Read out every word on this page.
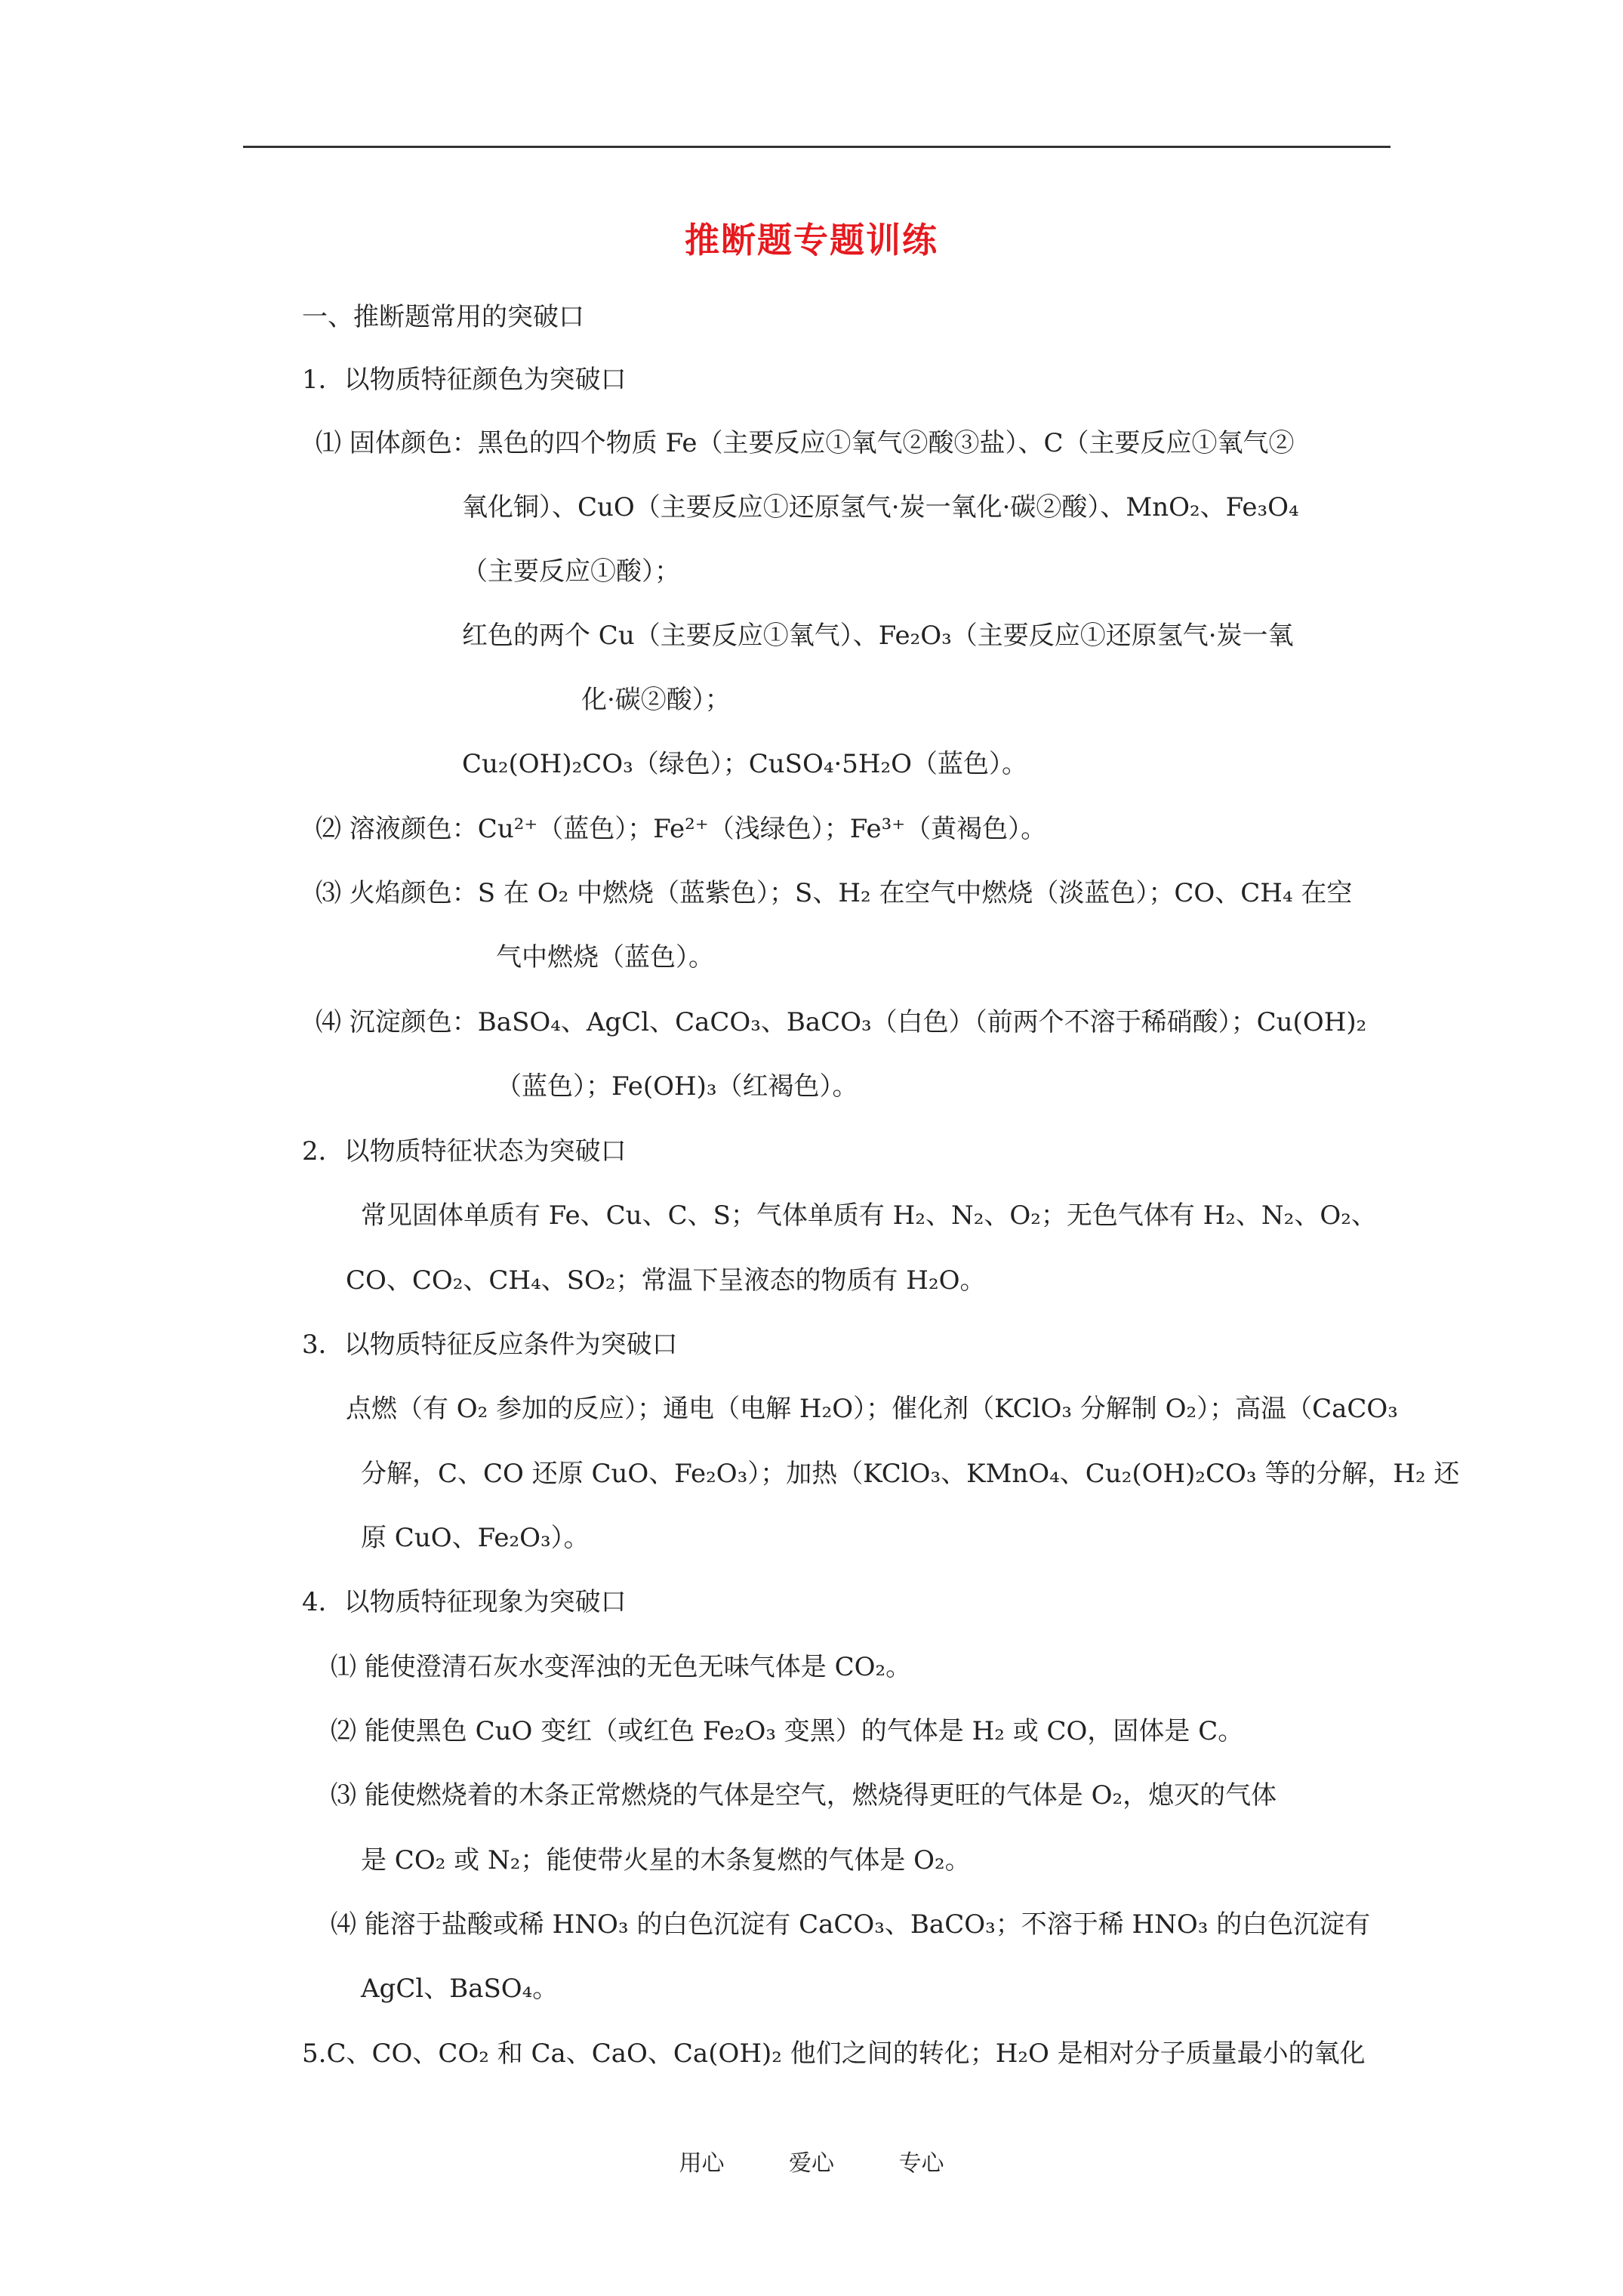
推断题专题训练
一、推断题常用的突破口
1．以物质特征颜色为突破口
⑴ 固体颜色：黑色的四个物质 Fe（主要反应①氧气②酸③盐）、C（主要反应①氧气②
氧化铜）、CuO（主要反应①还原氢气·炭一氧化·碳②酸）、MnO₂、Fe₃O₄
（主要反应①酸）；
红色的两个 Cu（主要反应①氧气）、Fe₂O₃（主要反应①还原氢气·炭一氧
化·碳②酸）；
Cu₂(OH)₂CO₃（绿色）；CuSO₄·5H₂O（蓝色）。
⑵ 溶液颜色：Cu²⁺（蓝色）；Fe²⁺（浅绿色）；Fe³⁺（黄褐色）。
⑶ 火焰颜色：S 在 O₂ 中燃烧（蓝紫色）；S、H₂ 在空气中燃烧（淡蓝色）；CO、CH₄ 在空
气中燃烧（蓝色）。
⑷ 沉淀颜色：BaSO₄、AgCl、CaCO₃、BaCO₃（白色）（前两个不溶于稀硝酸）；Cu(OH)₂
（蓝色）；Fe(OH)₃（红褐色）。
2．以物质特征状态为突破口
常见固体单质有 Fe、Cu、C、S；气体单质有 H₂、N₂、O₂；无色气体有 H₂、N₂、O₂、
CO、CO₂、CH₄、SO₂；常温下呈液态的物质有 H₂O。
3．以物质特征反应条件为突破口
点燃（有 O₂ 参加的反应）；通电（电解 H₂O）；催化剂（KClO₃ 分解制 O₂）；高温（CaCO₃
分解，C、CO 还原 CuO、Fe₂O₃）；加热（KClO₃、KMnO₄、Cu₂(OH)₂CO₃ 等的分解，H₂ 还
原 CuO、Fe₂O₃）。
4．以物质特征现象为突破口
⑴ 能使澄清石灰水变浑浊的无色无味气体是 CO₂。
⑵ 能使黑色 CuO 变红（或红色 Fe₂O₃ 变黑）的气体是 H₂ 或 CO，固体是 C。
⑶ 能使燃烧着的木条正常燃烧的气体是空气，燃烧得更旺的气体是 O₂，熄灭的气体
是 CO₂ 或 N₂；能使带火星的木条复燃的气体是 O₂。
⑷ 能溶于盐酸或稀 HNO₃ 的白色沉淀有 CaCO₃、BaCO₃；不溶于稀 HNO₃ 的白色沉淀有
AgCl、BaSO₄。
5.C、CO、CO₂ 和 Ca、CaO、Ca(OH)₂ 他们之间的转化；H₂O 是相对分子质量最小的氧化
用心	爱心	专心
